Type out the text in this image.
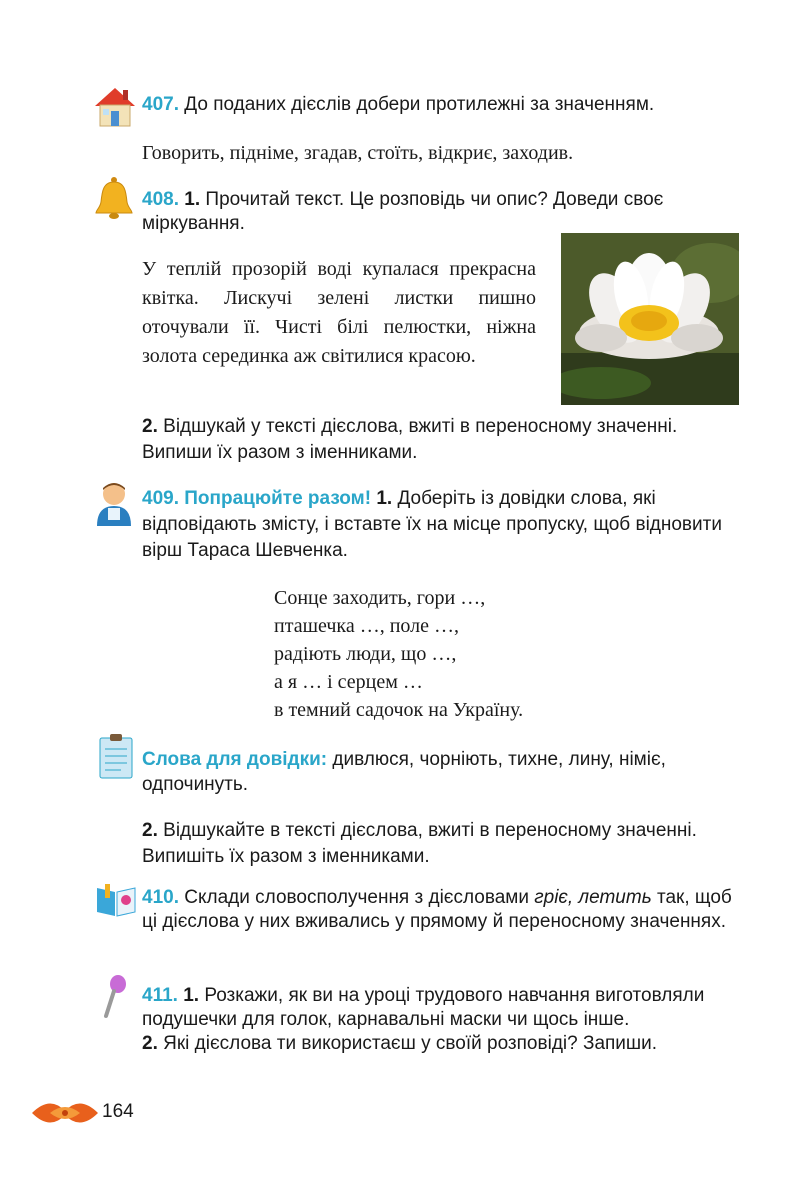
407. До поданих дієслів добери протилежні за значенням.
Говорить, підніме, згадав, стоїть, відкриє, заходив.
408. 1. Прочитай текст. Це розповідь чи опис? Доведи своє міркування.
У теплій прозорій воді купалася прекрасна квітка. Лискучі зелені листки пишно оточували її. Чисті білі пелюстки, ніжна золота серединка аж світилися красою.
2. Відшукай у тексті дієслова, вжиті в переносному значенні. Випиши їх разом з іменниками.
409. Попрацюйте разом! 1. Доберіть із довідки слова, які відповідають змісту, і вставте їх на місце пропуску, щоб відновити вірш Тараса Шевченка.
Сонце заходить, гори …,
пташечка …, поле …,
радіють люди, що …,
а я … і серцем …
в темний садочок на Україну.
Слова для довідки: дивлюся, чорніють, тихне, лину, німіє, одпочинуть.
2. Відшукайте в тексті дієслова, вжиті в переносному значенні. Випишіть їх разом з іменниками.
410. Склади словосполучення з дієсловами гріє, летить так, щоб ці дієслова у них вживались у прямому й переносному значеннях.
411. 1. Розкажи, як ви на уроці трудового навчання виготовляли подушечки для голок, карнавальні маски чи щось інше.
2. Які дієслова ти використаєш у своїй розповіді? Запиши.
164
